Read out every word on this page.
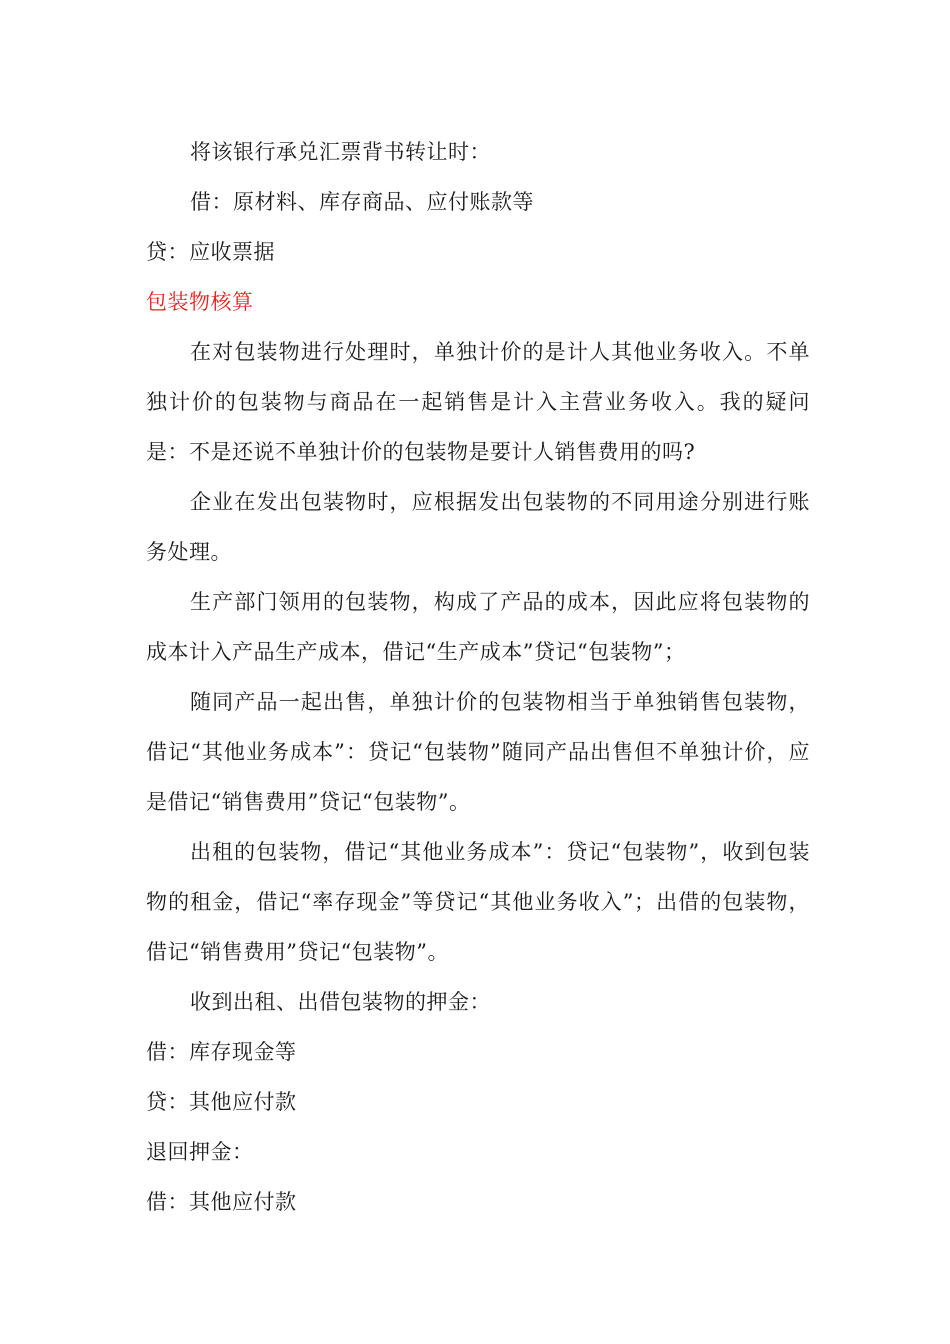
将该银行承兑汇票背书转让时：

借：原材料、库存商品、应付账款等

贷：应收票据

包装物核算

在对包装物进行处理时，单独计价的是计人其他业务收入。不单独计价的包装物与商品在一起销售是计入主营业务收入。我的疑问是：不是还说不单独计价的包装物是要计人销售费用的吗?

企业在发出包装物时，应根据发出包装物的不同用途分别进行账务处理。

生产部门领用的包装物，构成了产品的成本，因此应将包装物的成本计入产品生产成本，借记“生产成本”贷记“包装物”；

随同产品一起出售，单独计价的包装物相当于单独销售包装物，借记“其他业务成本”：贷记“包装物”随同产品出售但不单独计价，应是借记“销售费用”贷记“包装物”。

出租的包装物，借记“其他业务成本”：贷记“包装物”，收到包装物的租金，借记“率存现金”等贷记“其他业务收入”；出借的包装物，借记“销售费用”贷记“包装物”。

收到出租、出借包装物的押金：

借：库存现金等

贷：其他应付款

退回押金：

借：其他应付款
